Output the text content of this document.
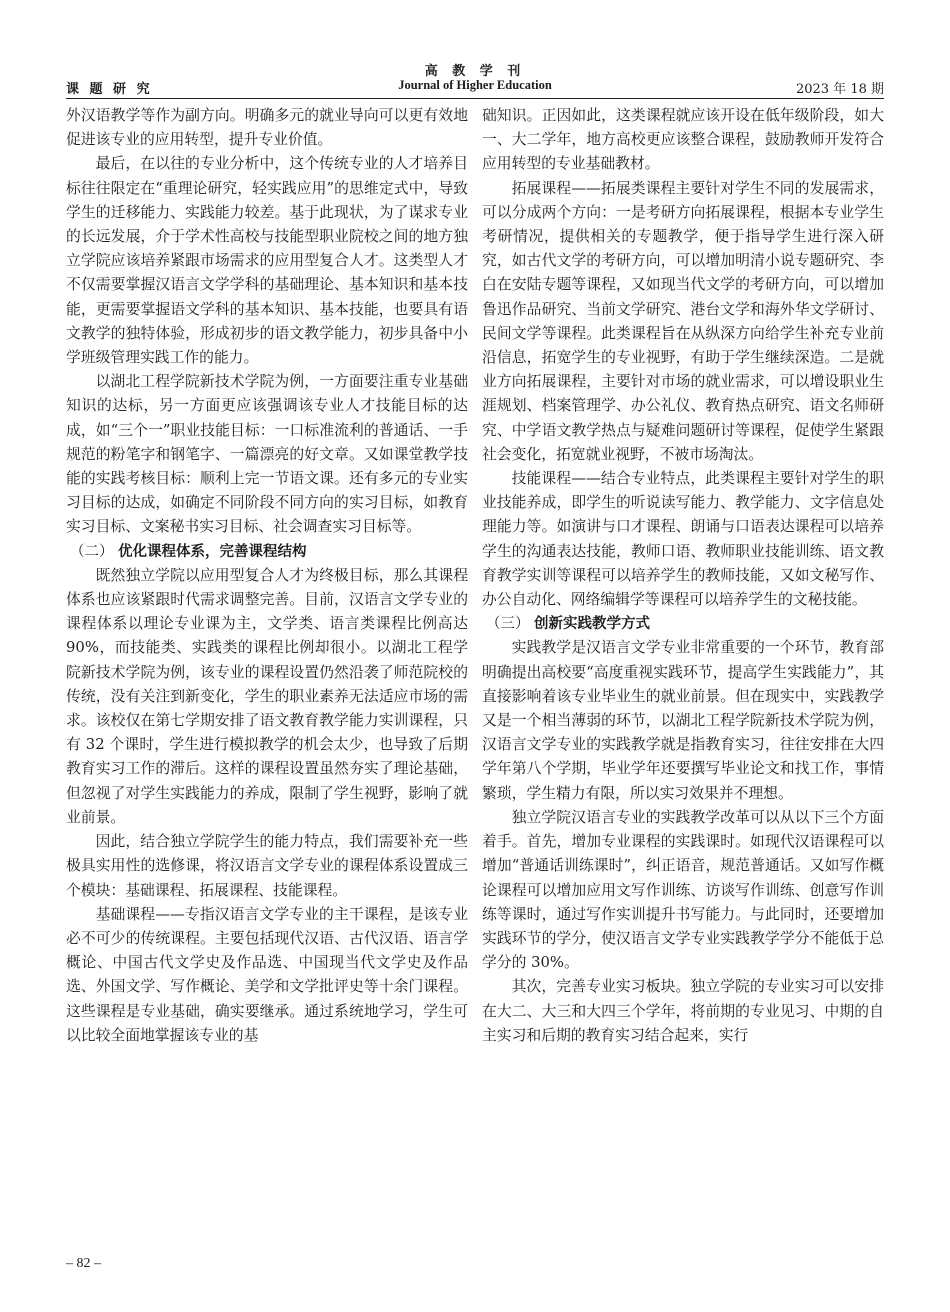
高 教 学 刊
Journal of Higher Education
课 题 研 究	2023 年 18 期

外汉语教学等作为副方向。明确多元的就业导向可以更有效地促进该专业的应用转型，提升专业价值。

最后，在以往的专业分析中，这个传统专业的人才培养目标往往限定在“重理论研究，轻实践应用”的思维定式中，导致学生的迁移能力、实践能力较差。基于此现状，为了谋求专业的长远发展，介于学术性高校与技能型职业院校之间的地方独立学院应该培养紧跟市场需求的应用型复合人才。这类型人才不仅需要掌握汉语言文学学科的基础理论、基本知识和基本技能，更需要掌握语文学科的基本知识、基本技能，也要具有语文教学的独特体验，形成初步的语文教学能力，初步具备中小学班级管理实践工作的能力。

以湖北工程学院新技术学院为例，一方面要注重专业基础知识的达标，另一方面更应该强调该专业人才技能目标的达成，如“三个一”职业技能目标：一口标准流利的普通话、一手规范的粉笔字和钢笔字、一篇漂亮的好文章。又如课堂教学技能的实践考核目标：顺利上完一节语文课。还有多元的专业实习目标的达成，如确定不同阶段不同方向的实习目标，如教育实习目标、文案秘书实习目标、社会调查实习目标等。

（二） 优化课程体系，完善课程结构

既然独立学院以应用型复合人才为终极目标，那么其课程体系也应该紧跟时代需求调整完善。目前，汉语言文学专业的课程体系以理论专业课为主，文学类、语言类课程比例高达 90%，而技能类、实践类的课程比例却很小。以湖北工程学院新技术学院为例，该专业的课程设置仍然沿袭了师范院校的传统，没有关注到新变化，学生的职业素养无法适应市场的需求。该校仅在第七学期安排了语文教育教学能力实训课程，只有 32 个课时，学生进行模拟教学的机会太少，也导致了后期教育实习工作的滞后。这样的课程设置虽然夯实了理论基础，但忽视了对学生实践能力的养成，限制了学生视野，影响了就业前景。

因此，结合独立学院学生的能力特点，我们需要补充一些极具实用性的选修课，将汉语言文学专业的课程体系设置成三个模块：基础课程、拓展课程、技能课程。

基础课程——专指汉语言文学专业的主干课程，是该专业必不可少的传统课程。主要包括现代汉语、古代汉语、语言学概论、中国古代文学史及作品选、中国现当代文学史及作品选、外国文学、写作概论、美学和文学批评史等十余门课程。这些课程是专业基础，确实要继承。通过系统地学习，学生可以比较全面地掌握该专业的基

础知识。正因如此，这类课程就应该开设在低年级阶段，如大一、大二学年，地方高校更应该整合课程，鼓励教师开发符合应用转型的专业基础教材。

拓展课程——拓展类课程主要针对学生不同的发展需求，可以分成两个方向：一是考研方向拓展课程，根据本专业学生考研情况，提供相关的专题教学，便于指导学生进行深入研究，如古代文学的考研方向，可以增加明清小说专题研究、李白在安陆专题等课程，又如现当代文学的考研方向，可以增加鲁迅作品研究、当前文学研究、港台文学和海外华文学研讨、民间文学等课程。此类课程旨在从纵深方向给学生补充专业前沿信息，拓宽学生的专业视野，有助于学生继续深造。二是就业方向拓展课程，主要针对市场的就业需求，可以增设职业生涯规划、档案管理学、办公礼仪、教育热点研究、语文名师研究、中学语文教学热点与疑难问题研讨等课程，促使学生紧跟社会变化，拓宽就业视野，不被市场淘汰。

技能课程——结合专业特点，此类课程主要针对学生的职业技能养成，即学生的听说读写能力、教学能力、文字信息处理能力等。如演讲与口才课程、朗诵与口语表达课程可以培养学生的沟通表达技能，教师口语、教师职业技能训练、语文教育教学实训等课程可以培养学生的教师技能，又如文秘写作、办公自动化、网络编辑学等课程可以培养学生的文秘技能。

（三） 创新实践教学方式

实践教学是汉语言文学专业非常重要的一个环节，教育部明确提出高校要“高度重视实践环节，提高学生实践能力”，其直接影响着该专业毕业生的就业前景。但在现实中，实践教学又是一个相当薄弱的环节，以湖北工程学院新技术学院为例，汉语言文学专业的实践教学就是指教育实习，往往安排在大四学年第八个学期，毕业学年还要撰写毕业论文和找工作，事情繁琐，学生精力有限，所以实习效果并不理想。

独立学院汉语言专业的实践教学改革可以从以下三个方面着手。首先，增加专业课程的实践课时。如现代汉语课程可以增加“普通话训练课时”，纠正语音，规范普通话。又如写作概论课程可以增加应用文写作训练、访谈写作训练、创意写作训练等课时，通过写作实训提升书写能力。与此同时，还要增加实践环节的学分，使汉语言文学专业实践教学学分不能低于总学分的 30%。

其次，完善专业实习板块。独立学院的专业实习可以安排在大二、大三和大四三个学年，将前期的专业见习、中期的自主实习和后期的教育实习结合起来，实行

– 82 –
